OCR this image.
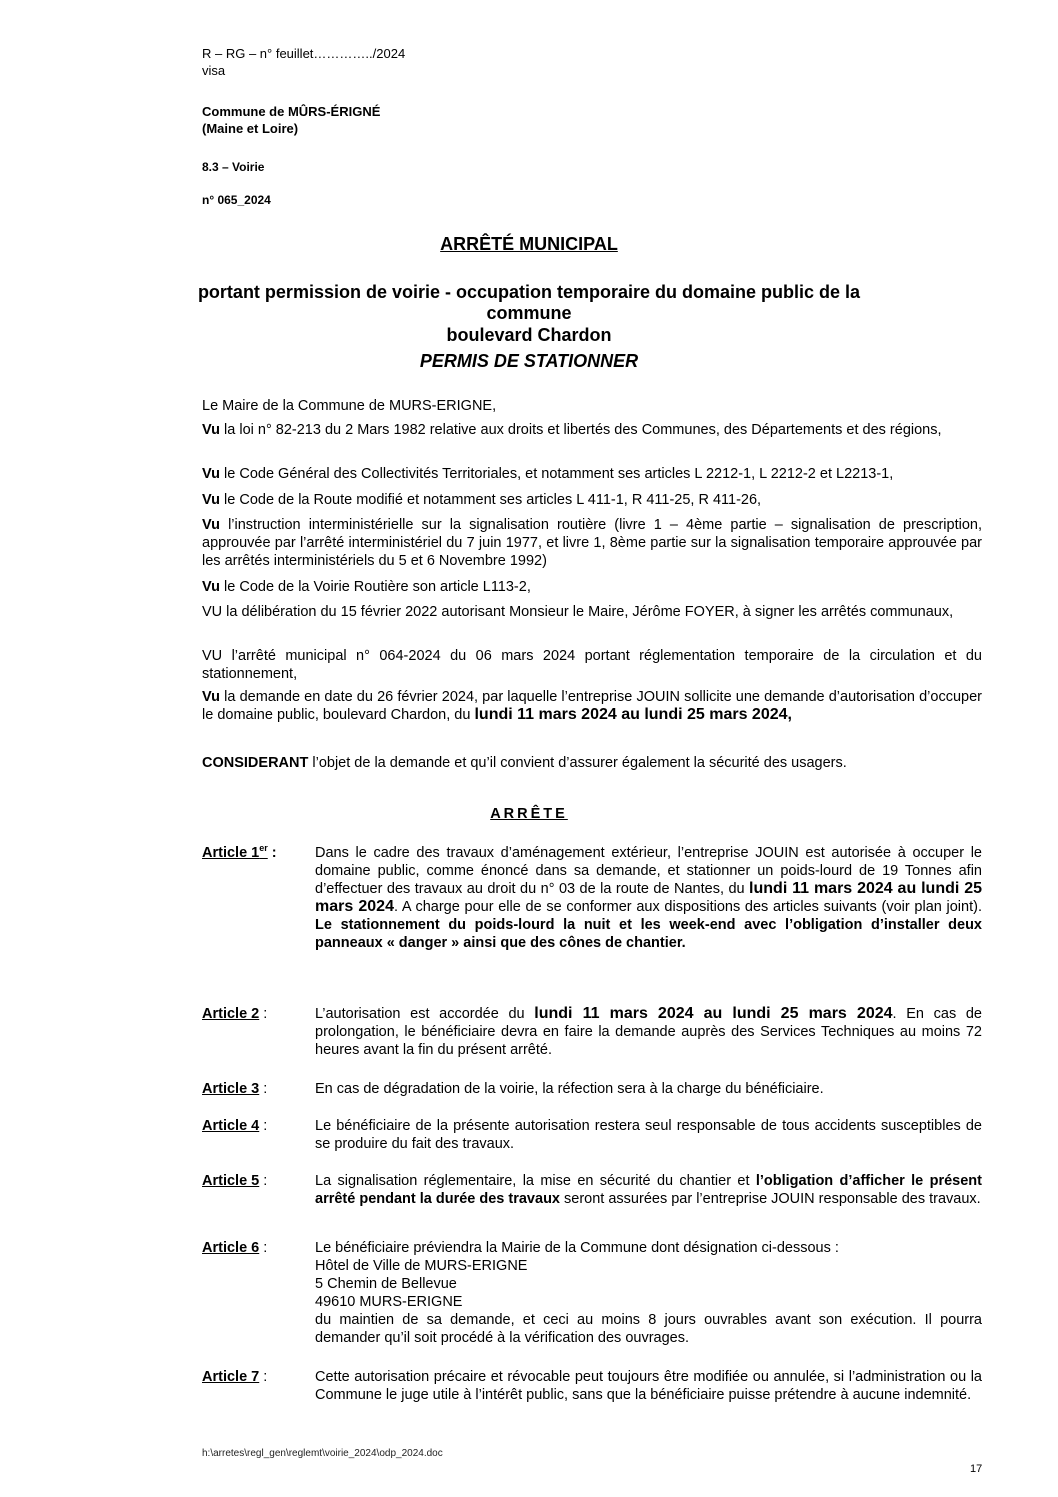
R – RG – n° feuillet…………../2024
visa
Commune de MÛRS-ÉRIGNÉ
(Maine et Loire)
8.3 – Voirie
n° 065_2024
ARRÊTÉ MUNICIPAL
portant permission de voirie - occupation temporaire du domaine public de la
commune
boulevard Chardon
PERMIS DE STATIONNER
Le Maire de la Commune de MURS-ERIGNE,
Vu la loi n° 82-213 du 2 Mars 1982 relative aux droits et libertés des Communes, des Départements et des régions,
Vu le Code Général des Collectivités Territoriales, et notamment ses articles L 2212-1, L 2212-2 et L2213-1,
Vu le Code de la Route modifié et notamment ses articles L 411-1, R 411-25, R 411-26,
Vu l’instruction interministérielle sur la signalisation routière (livre 1 – 4ème partie – signalisation de prescription, approuvée par l’arrêté interministériel du 7 juin 1977, et livre 1, 8ème partie sur la signalisation temporaire approuvée par les arrêtés interministériels du 5 et 6 Novembre 1992)
Vu le Code de la Voirie Routière son article L113-2,
VU la délibération du 15 février 2022 autorisant Monsieur le Maire, Jérôme FOYER, à signer les arrêtés communaux,
VU l’arrêté municipal n° 064-2024 du 06 mars 2024 portant réglementation temporaire de la circulation et du stationnement,
Vu la demande en date du 26 février 2024, par laquelle l’entreprise JOUIN sollicite une demande d’autorisation d’occuper le domaine public, boulevard Chardon, du lundi 11 mars 2024 au lundi 25 mars 2024,
CONSIDERANT l’objet de la demande et qu’il convient d’assurer également la sécurité des usagers.
ARRÊTE
Article 1er :	Dans le cadre des travaux d’aménagement extérieur, l’entreprise JOUIN est autorisée à occuper le domaine public, comme énoncé dans sa demande, et stationner un poids-lourd de 19 Tonnes afin d’effectuer des travaux au droit du n° 03 de la route de Nantes, du lundi 11 mars 2024 au lundi 25 mars 2024. A charge pour elle de se conformer aux dispositions des articles suivants (voir plan joint). Le stationnement du poids-lourd la nuit et les week-end avec l’obligation d’installer deux panneaux « danger » ainsi que des cônes de chantier.
Article 2 :	L’autorisation est accordée du lundi 11 mars 2024 au lundi 25 mars 2024. En cas de prolongation, le bénéficiaire devra en faire la demande auprès des Services Techniques au moins 72 heures avant la fin du présent arrêté.
Article 3 :	En cas de dégradation de la voirie, la réfection sera à la charge du bénéficiaire.
Article 4 :	Le bénéficiaire de la présente autorisation restera seul responsable de tous accidents susceptibles de se produire du fait des travaux.
Article 5 :	La signalisation réglementaire, la mise en sécurité du chantier et l’obligation d’afficher le présent arrêté pendant la durée des travaux seront assurées par l’entreprise JOUIN responsable des travaux.
Article 6 :	Le bénéficiaire préviendra la Mairie de la Commune dont désignation ci-dessous :
Hôtel de Ville de MURS-ERIGNE
5 Chemin de Bellevue
49610 MURS-ERIGNE
du maintien de sa demande, et ceci au moins 8 jours ouvrables avant son exécution. Il pourra demander qu’il soit procédé à la vérification des ouvrages.
Article 7 :	Cette autorisation précaire et révocable peut toujours être modifiée ou annulée, si l’administration ou la Commune le juge utile à l’intérêt public, sans que la bénéficiaire puisse prétendre à aucune indemnité.
h:\arretes\regl_gen\reglemt\voirie_2024\odp_2024.doc
17
